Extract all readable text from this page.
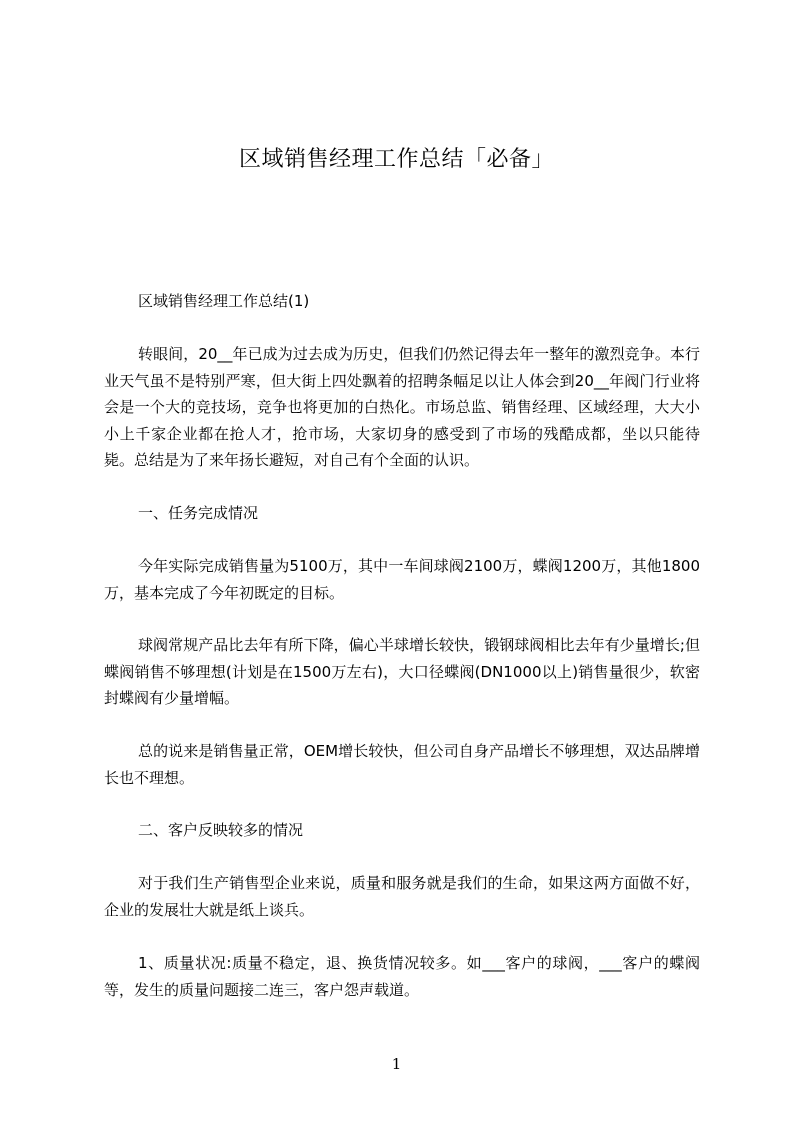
区域销售经理工作总结「必备」

区域销售经理工作总结(1)

转眼间，20__年已成为过去成为历史，但我们仍然记得去年一整年的激烈竞争。本行业天气虽不是特别严寒，但大街上四处飘着的招聘条幅足以让人体会到20__年阀门行业将会是一个大的竞技场，竞争也将更加的白热化。市场总监、销售经理、区域经理，大大小小上千家企业都在抢人才，抢市场，大家切身的感受到了市场的残酷成都，坐以只能待毙。总结是为了来年扬长避短，对自己有个全面的认识。

一、任务完成情况

今年实际完成销售量为5100万，其中一车间球阀2100万，蝶阀1200万，其他1800万，基本完成了今年初既定的目标。

球阀常规产品比去年有所下降，偏心半球增长较快，锻钢球阀相比去年有少量增长;但蝶阀销售不够理想(计划是在1500万左右)，大口径蝶阀(DN1000以上)销售量很少，软密封蝶阀有少量增幅。

总的说来是销售量正常，OEM增长较快，但公司自身产品增长不够理想，双达品牌增长也不理想。

二、客户反映较多的情况

对于我们生产销售型企业来说，质量和服务就是我们的生命，如果这两方面做不好，企业的发展壮大就是纸上谈兵。

1、质量状况:质量不稳定，退、换货情况较多。如___客户的球阀，___客户的蝶阀等，发生的质量问题接二连三，客户怨声载道。

1
